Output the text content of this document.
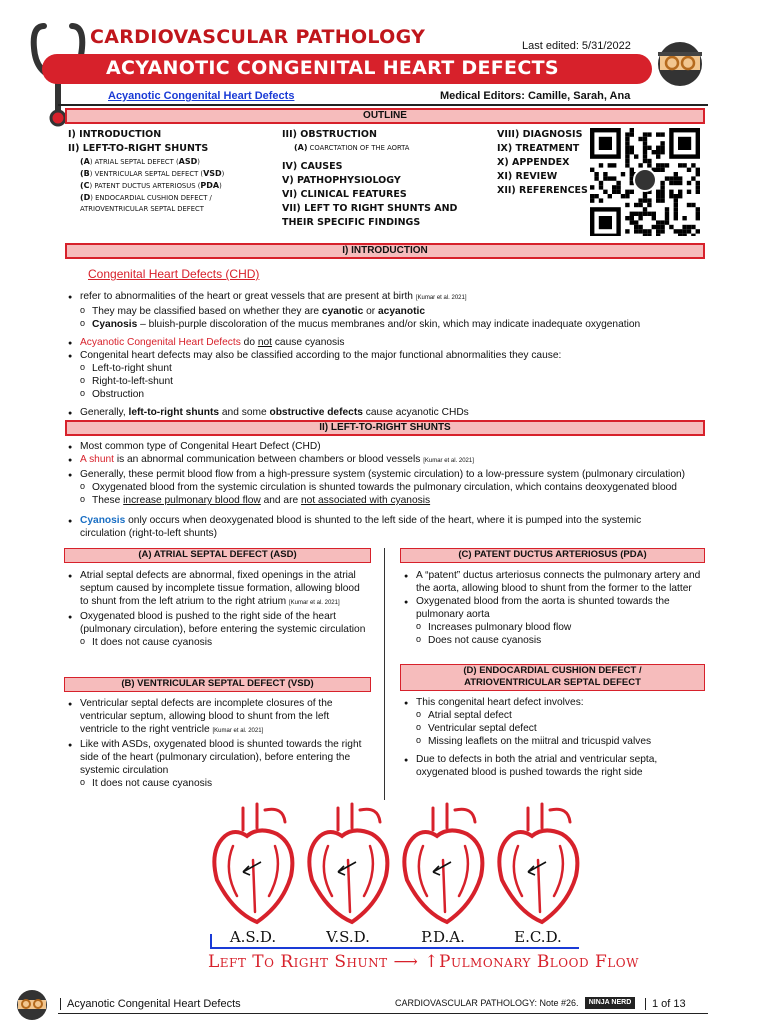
CARDIOVASCULAR PATHOLOGY	Last edited: 5/31/2022
ACYANOTIC CONGENITAL HEART DEFECTS
Acyanotic Congenital Heart Defects	Medical Editors: Camille, Sarah, Ana
OUTLINE
I) INTRODUCTION
II) LEFT-TO-RIGHT SHUNTS
(A) ATRIAL SEPTAL DEFECT (ASD)
(B) VENTRICULAR SEPTAL DEFECT (VSD)
(C) PATENT DUCTUS ARTERIOSUS (PDA)
(D) ENDOCARDIAL CUSHION DEFECT / ATRIOVENTRICULAR SEPTAL DEFECT
III) OBSTRUCTION
(A) COARCTATION OF THE AORTA
IV) CAUSES
V) PATHOPHYSIOLOGY
VI) CLINICAL FEATURES
VII) LEFT TO RIGHT SHUNTS AND THEIR SPECIFIC FINDINGS
VIII) DIAGNOSIS
IX) TREATMENT
X) APPENDEX
XI) REVIEW
XII) REFERENCES
I) INTRODUCTION
Congenital Heart Defects (CHD)
● refer to abnormalities of the heart or great vessels that are present at birth [Kumar et al. 2021]
o They may be classified based on whether they are cyanotic or acyanotic
o Cyanosis – bluish-purple discoloration of the mucus membranes and/or skin, which may indicate inadequate oxygenation
● Acyanotic Congenital Heart Defects do not cause cyanosis
● Congenital heart defects may also be classified according to the major functional abnormalities they cause:
o Left-to-right shunt
o Right-to-left-shunt
o Obstruction
● Generally, left-to-right shunts and some obstructive defects cause acyanotic CHDs
II) LEFT-TO-RIGHT SHUNTS
● Most common type of Congenital Heart Defect (CHD)
● A shunt is an abnormal communication between chambers or blood vessels [Kumar et al. 2021]
● Generally, these permit blood flow from a high-pressure system (systemic circulation) to a low-pressure system (pulmonary circulation)
o Oxygenated blood from the systemic circulation is shunted towards the pulmonary circulation, which contains deoxygenated blood
o These increase pulmonary blood flow and are not associated with cyanosis
● Cyanosis only occurs when deoxygenated blood is shunted to the left side of the heart, where it is pumped into the systemic circulation (right-to-left shunts)
(A) ATRIAL SEPTAL DEFECT (ASD)
● Atrial septal defects are abnormal, fixed openings in the atrial septum caused by incomplete tissue formation, allowing blood to shunt from the left atrium to the right atrium [Kumar et al. 2021]
● Oxygenated blood is pushed to the right side of the heart (pulmonary circulation), before entering the systemic circulation
o It does not cause cyanosis
(B) VENTRICULAR SEPTAL DEFECT (VSD)
● Ventricular septal defects are incomplete closures of the ventricular septum, allowing blood to shunt from the left ventricle to the right ventricle [Kumar et al. 2021]
● Like with ASDs, oxygenated blood is shunted towards the right side of the heart (pulmonary circulation), before entering the systemic circulation
o It does not cause cyanosis
(C) PATENT DUCTUS ARTERIOSUS (PDA)
● A “patent” ductus arteriosus connects the pulmonary artery and the aorta, allowing blood to shunt from the former to the latter
● Oxygenated blood from the aorta is shunted towards the pulmonary aorta
o Increases pulmonary blood flow
o Does not cause cyanosis
(D) ENDOCARDIAL CUSHION DEFECT /
ATRIOVENTRICULAR SEPTAL DEFECT
● This congenital heart defect involves:
o Atrial septal defect
o Ventricular septal defect
o Missing leaflets on the miitral and tricuspid valves
● Due to defects in both the atrial and ventricular septa, oxygenated blood is pushed towards the right side
A.S.D.	V.S.D.	P.D.A.	E.C.D.
Left To Right Shunt ⟶ ↑Pulmonary Blood Flow
Acyanotic Congenital Heart Defects	CARDIOVASCULAR PATHOLOGY: Note #26.	NINJA NERD	1 of 13
